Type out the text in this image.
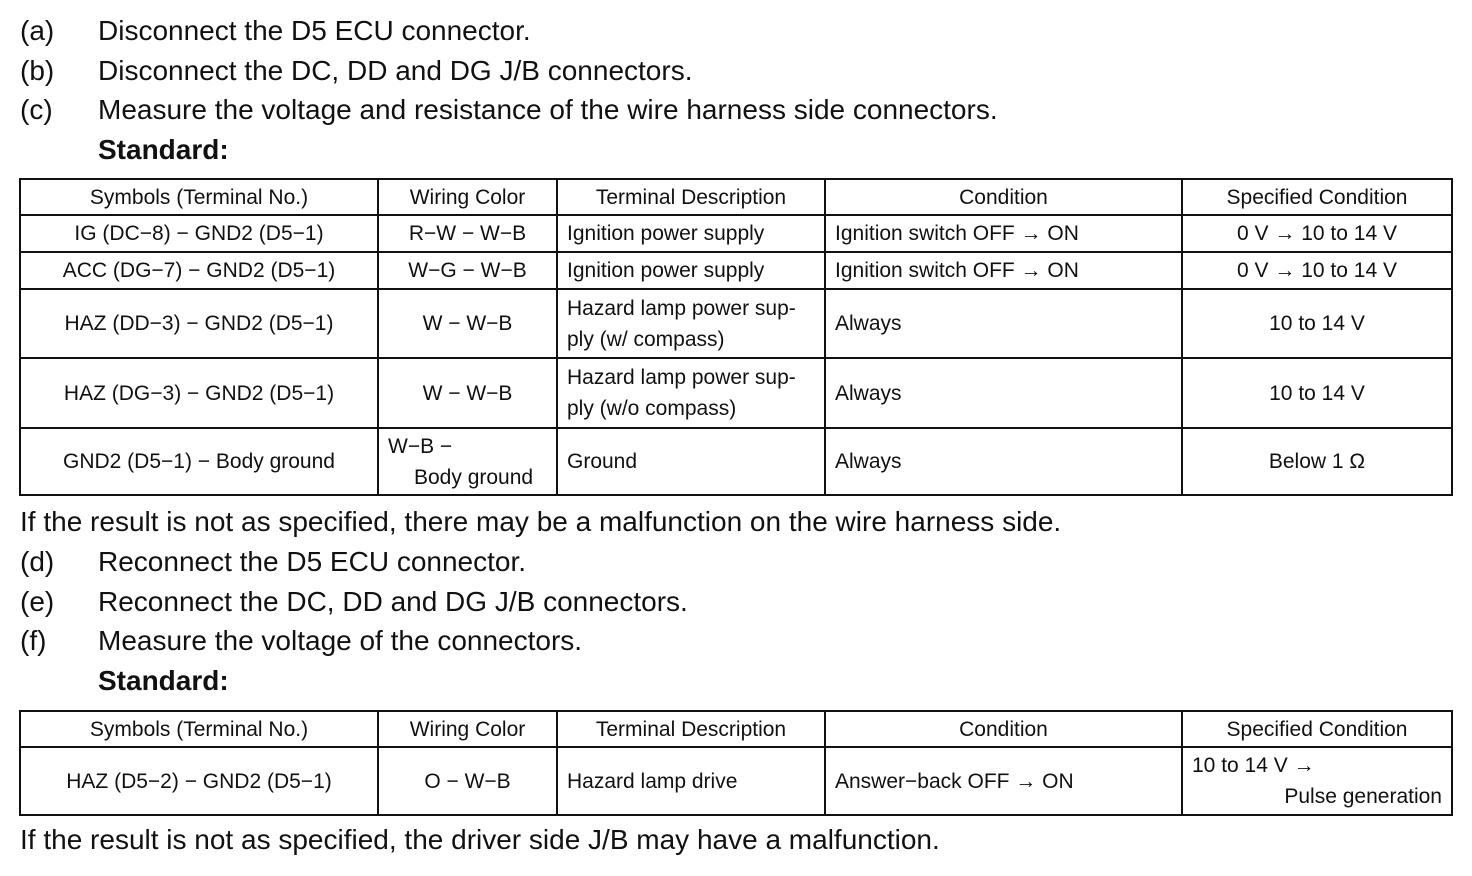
(a) Disconnect the D5 ECU connector.
(b) Disconnect the DC, DD and DG J/B connectors.
(c) Measure the voltage and resistance of the wire harness side connectors.
Standard:
Symbols (Terminal No.)	Wiring Color	Terminal Description	Condition	Specified Condition
IG (DC−8) − GND2 (D5−1)	R−W − W−B	Ignition power supply	Ignition switch OFF → ON	0 V → 10 to 14 V
ACC (DG−7) − GND2 (D5−1)	W−G − W−B	Ignition power supply	Ignition switch OFF → ON	0 V → 10 to 14 V
HAZ (DD−3) − GND2 (D5−1)	W − W−B	Hazard lamp power sup-
ply (w/ compass)	Always	10 to 14 V
HAZ (DG−3) − GND2 (D5−1)	W − W−B	Hazard lamp power sup-
ply (w/o compass)	Always	10 to 14 V
GND2 (D5−1) − Body ground	W−B −
Body ground	Ground	Always	Below 1 Ω
If the result is not as specified, there may be a malfunction on the wire harness side.
(d) Reconnect the D5 ECU connector.
(e) Reconnect the DC, DD and DG J/B connectors.
(f) Measure the voltage of the connectors.
Standard:
Symbols (Terminal No.)	Wiring Color	Terminal Description	Condition	Specified Condition
HAZ (D5−2) − GND2 (D5−1)	O − W−B	Hazard lamp drive	Answer−back OFF → ON	10 to 14 V →
Pulse generation
If the result is not as specified, the driver side J/B may have a malfunction.
